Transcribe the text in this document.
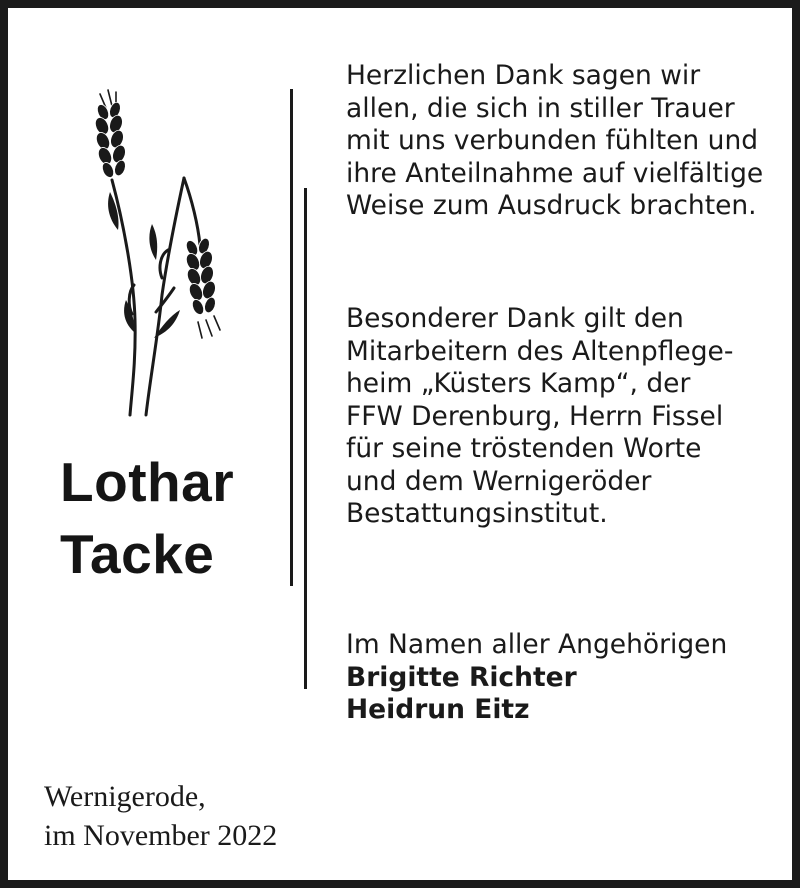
Lothar
Tacke
Herzlichen Dank sagen wir
allen, die sich in stiller Trauer
mit uns verbunden fühlten und
ihre Anteilnahme auf vielfältige
Weise zum Ausdruck brachten.
Besonderer Dank gilt den
Mitarbeitern des Altenpflege-
heim „Küsters Kamp“, der
FFW Derenburg, Herrn Fissel
für seine tröstenden Worte
und dem Wernigeröder
Bestattungsinstitut.
Im Namen aller Angehörigen
Brigitte Richter
Heidrun Eitz
Wernigerode,
im November 2022
